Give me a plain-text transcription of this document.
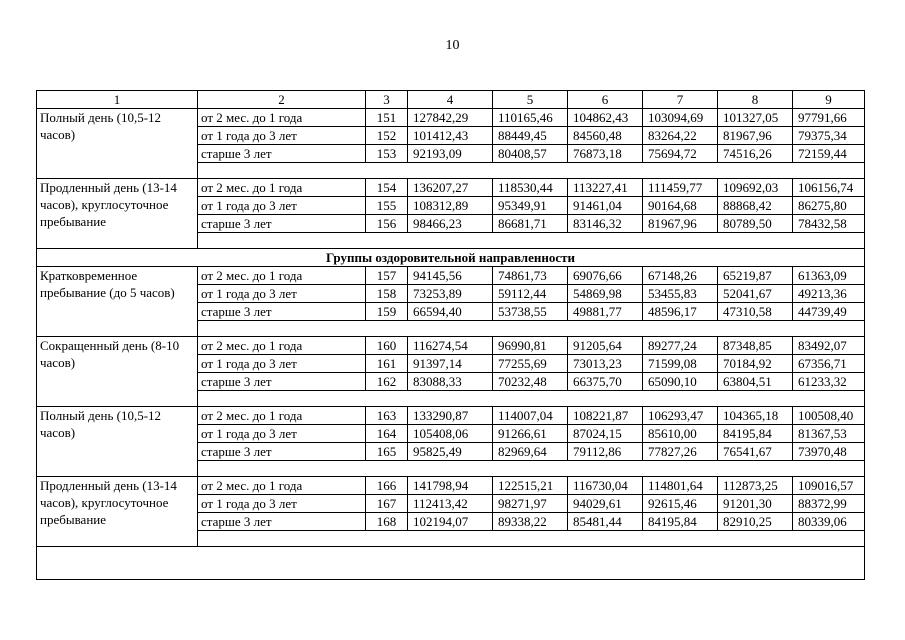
10
1	2	3	4	5	6	7	8	9
Полный день (10,5-12 часов)	от 2 мес. до 1 года	151	127842,29	110165,46	104862,43	103094,69	101327,05	97791,66
	от 1 года до 3 лет	152	101412,43	88449,45	84560,48	83264,22	81967,96	79375,34
	старше 3 лет	153	92193,09	80408,57	76873,18	75694,72	74516,26	72159,44

Продленный день (13-14 часов), круглосуточное пребывание	от 2 мес. до 1 года	154	136207,27	118530,44	113227,41	111459,77	109692,03	106156,74
	от 1 года до 3 лет	155	108312,89	95349,91	91461,04	90164,68	88868,42	86275,80
	старше 3 лет	156	98466,23	86681,71	83146,32	81967,96	80789,50	78432,58

Группы оздоровительной направленности								
Кратковременное пребывание (до 5 часов)	от 2 мес. до 1 года	157	94145,56	74861,73	69076,66	67148,26	65219,87	61363,09
	от 1 года до 3 лет	158	73253,89	59112,44	54869,98	53455,83	52041,67	49213,36
	старше 3 лет	159	66594,40	53738,55	49881,77	48596,17	47310,58	44739,49

Сокращенный день (8-10 часов)	от 2 мес. до 1 года	160	116274,54	96990,81	91205,64	89277,24	87348,85	83492,07
	от 1 года до 3 лет	161	91397,14	77255,69	73013,23	71599,08	70184,92	67356,71
	старше 3 лет	162	83088,33	70232,48	66375,70	65090,10	63804,51	61233,32

Полный день (10,5-12 часов)	от 2 мес. до 1 года	163	133290,87	114007,04	108221,87	106293,47	104365,18	100508,40
	от 1 года до 3 лет	164	105408,06	91266,61	87024,15	85610,00	84195,84	81367,53
	старше 3 лет	165	95825,49	82969,64	79112,86	77827,26	76541,67	73970,48

Продленный день (13-14 часов), круглосуточное пребывание	от 2 мес. до 1 года	166	141798,94	122515,21	116730,04	114801,64	112873,25	109016,57
	от 1 года до 3 лет	167	112413,42	98271,97	94029,61	92615,46	91201,30	88372,99
	старше 3 лет	168	102194,07	89338,22	85481,44	84195,84	82910,25	80339,06
